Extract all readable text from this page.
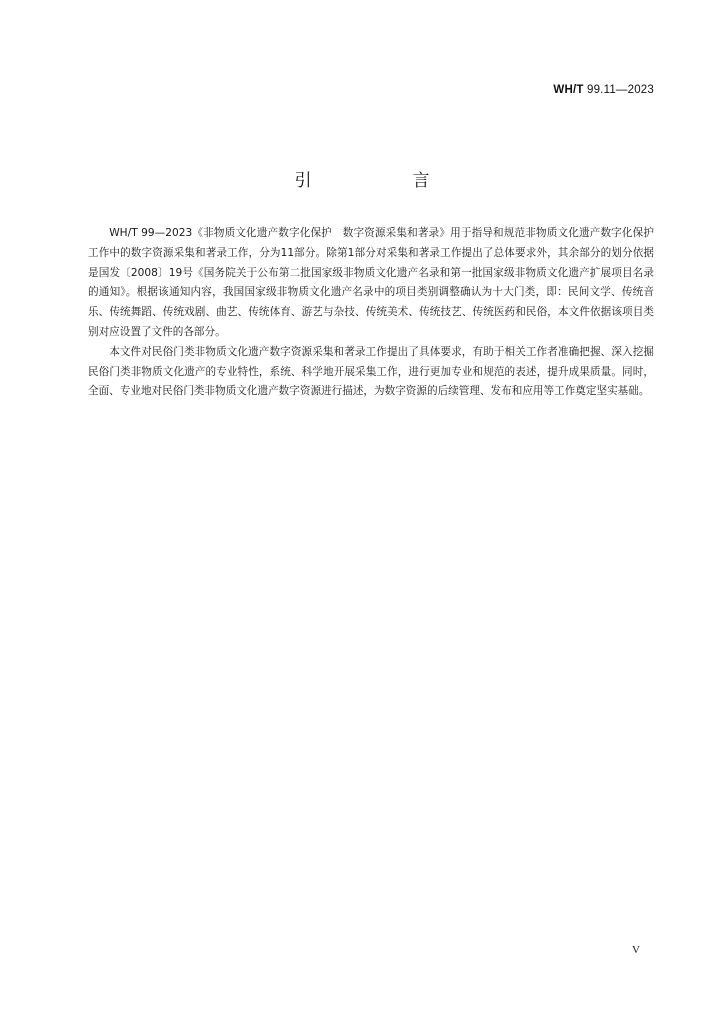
WH/T 99.11—2023
引　言

WH/T 99—2023《非物质文化遗产数字化保护　数字资源采集和著录》用于指导和规范非物质文化遗产数字化保护工作中的数字资源采集和著录工作，分为11部分。除第1部分对采集和著录工作提出了总体要求外，其余部分的划分依据是国发〔2008〕19号《国务院关于公布第二批国家级非物质文化遗产名录和第一批国家级非物质文化遗产扩展项目名录的通知》。根据该通知内容，我国国家级非物质文化遗产名录中的项目类别调整确认为十大门类，即：民间文学、传统音乐、传统舞蹈、传统戏剧、曲艺、传统体育、游艺与杂技、传统美术、传统技艺、传统医药和民俗，本文件依据该项目类别对应设置了文件的各部分。

本文件对民俗门类非物质文化遗产数字资源采集和著录工作提出了具体要求，有助于相关工作者准确把握、深入挖掘民俗门类非物质文化遗产的专业特性，系统、科学地开展采集工作，进行更加专业和规范的表述，提升成果质量。同时，全面、专业地对民俗门类非物质文化遗产数字资源进行描述，为数字资源的后续管理、发布和应用等工作奠定坚实基础。

V
